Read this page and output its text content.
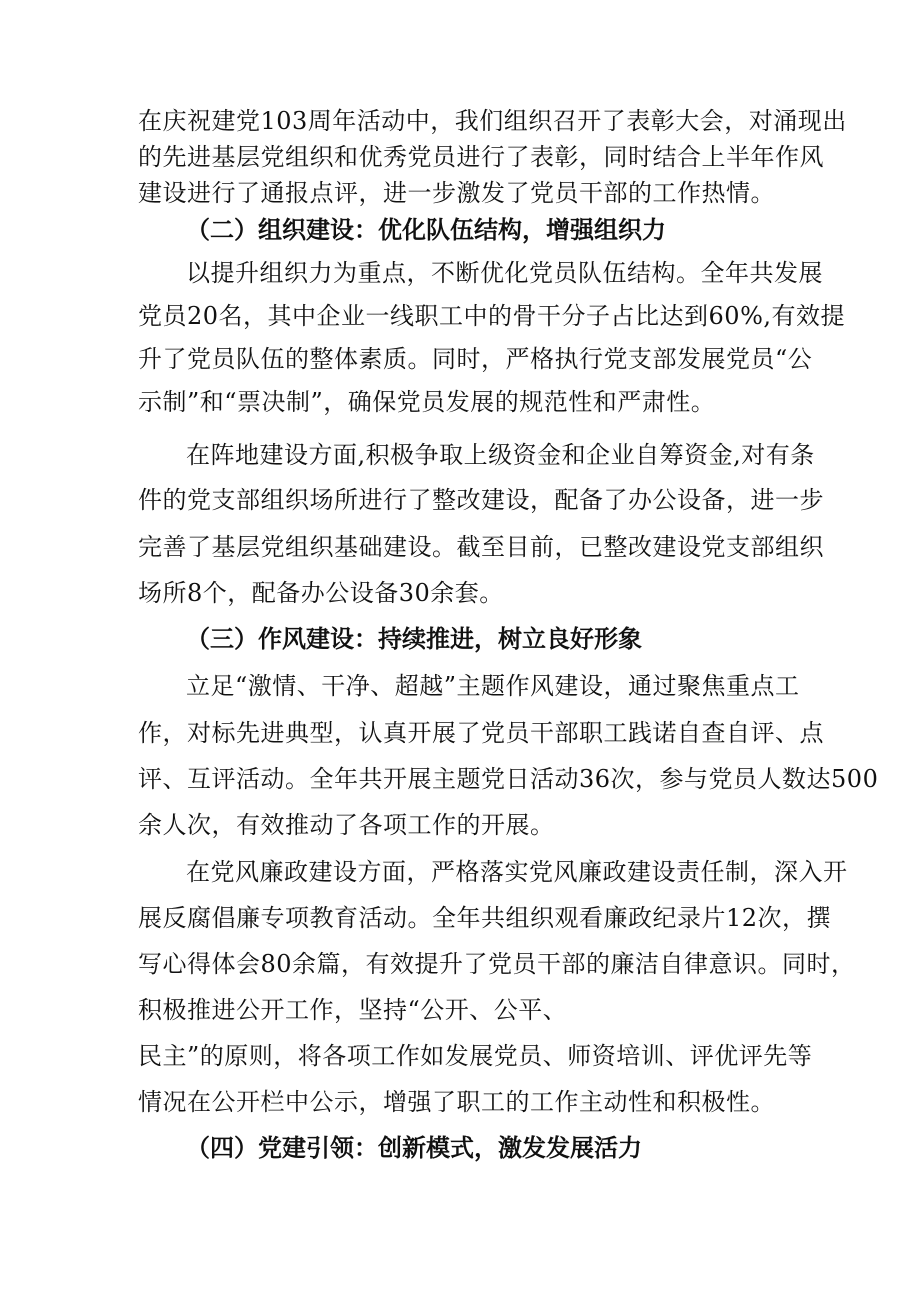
在庆祝建党103周年活动中，我们组织召开了表彰大会，对涌现出
的先进基层党组织和优秀党员进行了表彰，同时结合上半年作风
建设进行了通报点评，进一步激发了党员干部的工作热情。
（二）组织建设：优化队伍结构，增强组织力
以提升组织力为重点，不断优化党员队伍结构。全年共发展
党员20名，其中企业一线职工中的骨干分子占比达到60%,有效提
升了党员队伍的整体素质。同时，严格执行党支部发展党员“公
示制”和“票决制”，确保党员发展的规范性和严肃性。
在阵地建设方面,积极争取上级资金和企业自筹资金,对有条
件的党支部组织场所进行了整改建设，配备了办公设备，进一步
完善了基层党组织基础建设。截至目前，已整改建设党支部组织
场所8个，配备办公设备30余套。
（三）作风建设：持续推进，树立良好形象
立足“激情、干净、超越”主题作风建设，通过聚焦重点工
作，对标先进典型，认真开展了党员干部职工践诺自查自评、点
评、互评活动。全年共开展主题党日活动36次，参与党员人数达500
余人次，有效推动了各项工作的开展。
在党风廉政建设方面，严格落实党风廉政建设责任制，深入开
展反腐倡廉专项教育活动。全年共组织观看廉政纪录片12次，撰
写心得体会80余篇，有效提升了党员干部的廉洁自律意识。同时，
积极推进公开工作，坚持“公开、公平、
民主”的原则，将各项工作如发展党员、师资培训、评优评先等
情况在公开栏中公示，增强了职工的工作主动性和积极性。
（四）党建引领：创新模式，激发发展活力
